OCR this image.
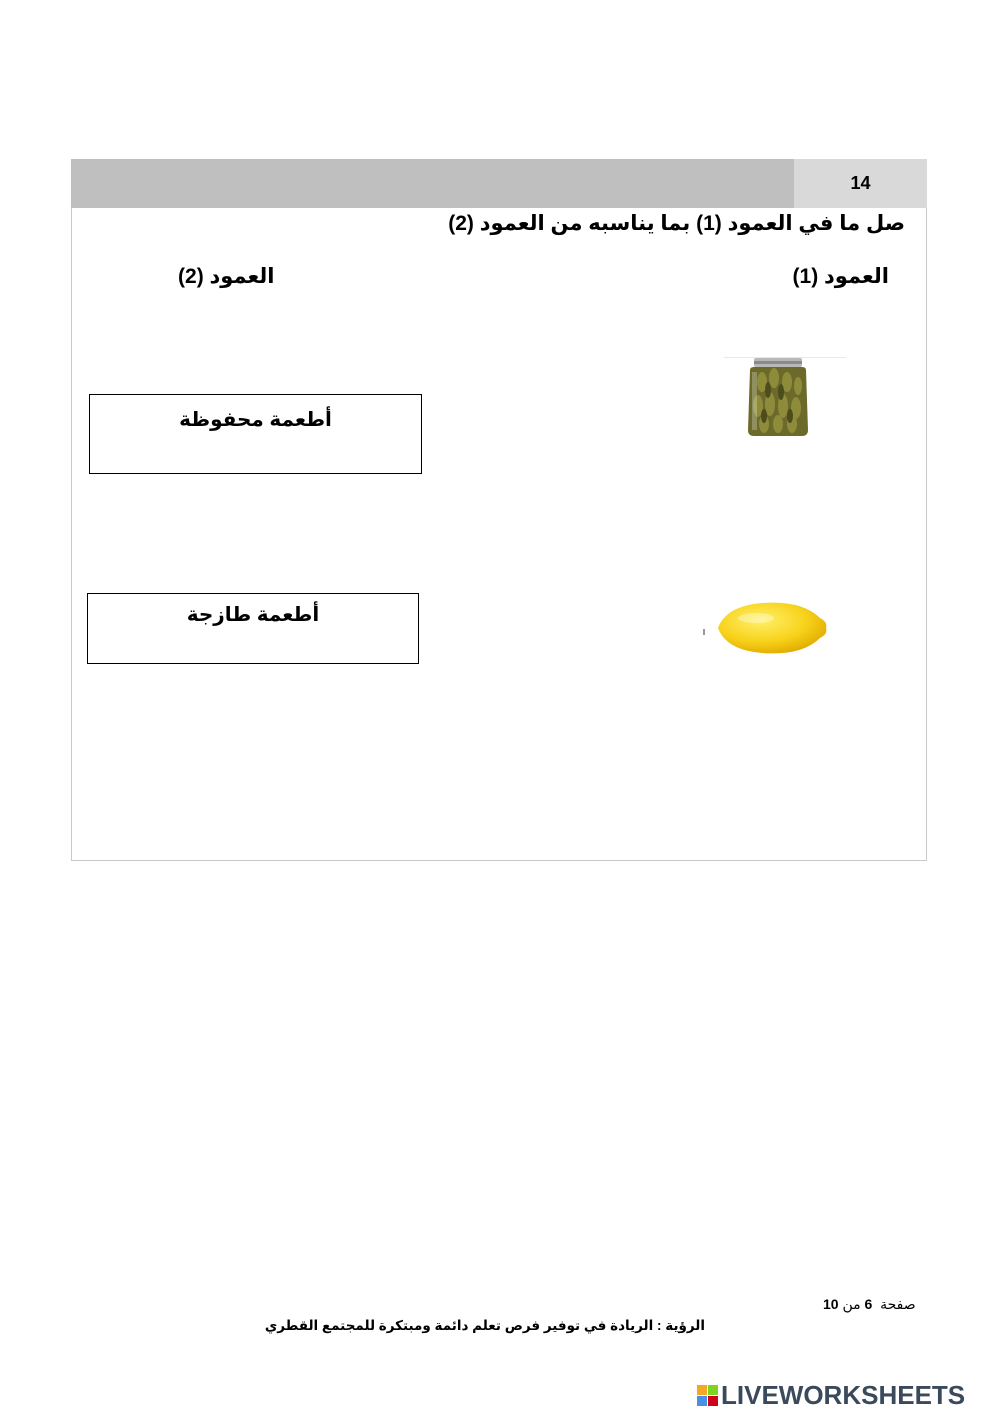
14
صل ما في العمود (1) بما يناسبه من العمود (2)
العمود (1)
العمود (2)
أطعمة محفوظة
أطعمة طازجة
صفحة  6 من 10
الرؤية : الريادة في توفير فرص تعلم دائمة ومبتكرة للمجتمع القطري
LIVEWORKSHEETS
